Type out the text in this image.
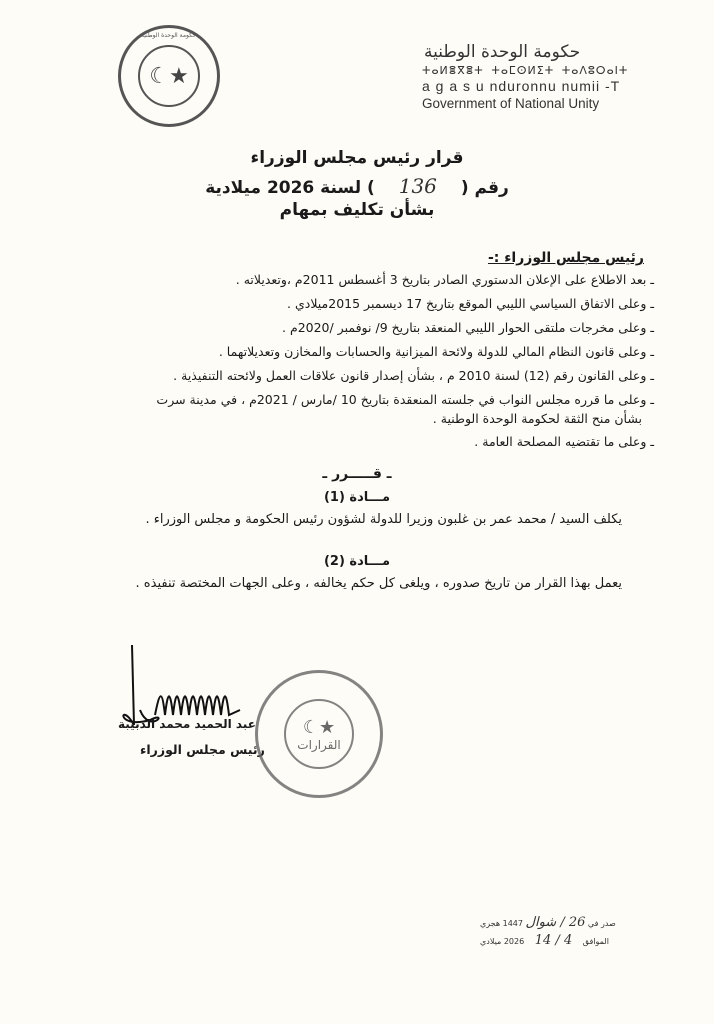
☾★
حكومة الوحدة الوطنية
حكومة الوحدة الوطنية
ⵜⴰⵍⴻⴳⴻⵜ ⵜⴰⵎⵙⵍⵉⵜ ⵜⴰⴷⵓⵔⴰⵏⵜ
a g a s u nduronnu numii -T
Government of National Unity
قرار رئيس مجلس الوزراء
رقم ( 136 ) لسنة 2026 ميلادية
بشأن تكليف بمهام
رئيس مجلس الوزراء :-
ـ بعد الاطلاع على الإعلان الدستوري الصادر بتاريخ 3 أغسطس 2011م ،وتعديلاته .
ـ وعلى الاتفاق السياسي الليبي الموقع بتاريخ 17 ديسمبر 2015ميلادي .
ـ وعلى مخرجات ملتقى الحوار الليبي المنعقد بتاريخ 9/ نوفمبر /2020م .
ـ وعلى قانون النظام المالي للدولة ولائحة الميزانية والحسابات والمخازن وتعديلاتهما .
ـ وعلى القانون رقم (12) لسنة 2010 م ، بشأن إصدار قانون علاقات العمل ولائحته التنفيذية .
ـ وعلى ما قرره مجلس النواب في جلسته المنعقدة بتاريخ 10 /مارس / 2021م ، في مدينة سرت
بشأن منح الثقة لحكومة الوحدة الوطنية .
ـ وعلى ما تقتضيه المصلحة العامة .
ـ قـــــرر ـ
مـــادة (1)
يكلف السيد / محمد عمر بن غلبون وزيرا للدولة لشؤون رئيس الحكومة و مجلس الوزراء .
مـــادة (2)
يعمل بهذا القرار من تاريخ صدوره ، ويلغى كل حكم يخالفه ، وعلى الجهات المختصة تنفيذه .
عبد الحميد محمد الدبيبة
رئيس مجلس الوزراء
☾★
القرارات
صدر في 26 / شوال 1447 هجري
الموافق 4 / 14 2026 ميلادي
